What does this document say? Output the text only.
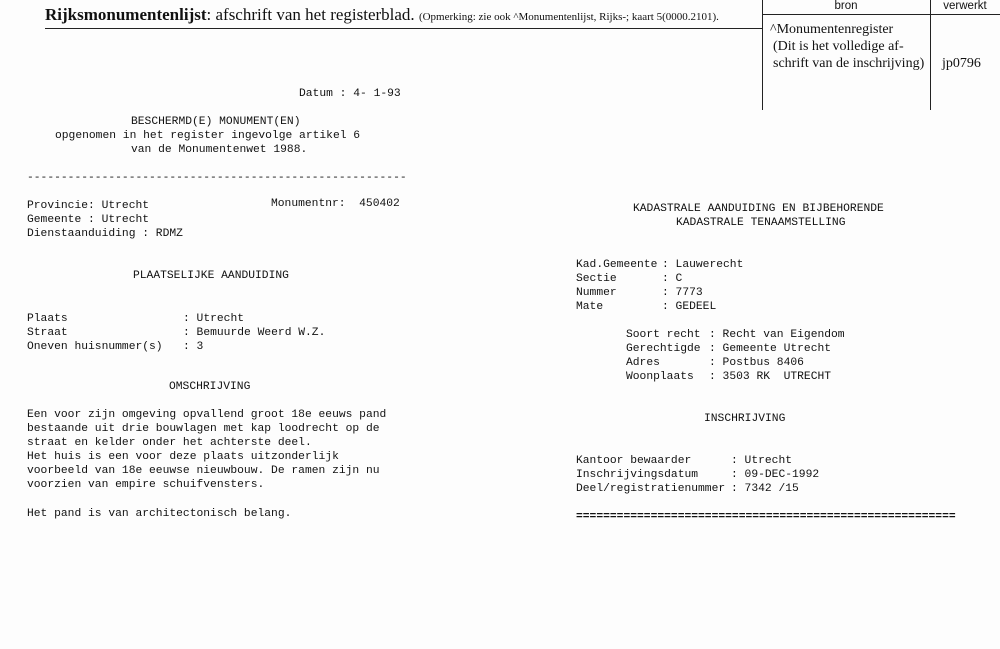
Rijksmonumentenlijst: afschrift van het registerblad. (Opmerking: zie ook ^Monumentenlijst, Rijks-; kaart 5(0000.2101).
bron	verwerkt
^Monumentenregister
(Dit is het volledige af-
schrift van de inschrijving) jp0796
Datum : 4- 1-93
BESCHERMD(E) MONUMENT(EN)
opgenomen in het register ingevolge artikel 6
van de Monumentenwet 1988.
--------------------------------------------------------
Provincie: Utrecht	Monumentnr: 450402
Gemeente : Utrecht
Dienstaanduiding : RDMZ
PLAATSELIJKE AANDUIDING
Plaats	: Utrecht
Straat	: Bemuurde Weerd W.Z.
Oneven huisnummer(s) : 3
OMSCHRIJVING
Een voor zijn omgeving opvallend groot 18e eeuws pand
bestaande uit drie bouwlagen met kap loodrecht op de
straat en kelder onder het achterste deel.
Het huis is een voor deze plaats uitzonderlijk
voorbeeld van 18e eeuwse nieuwbouw. De ramen zijn nu
voorzien van empire schuifvensters.
Het pand is van architectonisch belang.
KADASTRALE AANDUIDING EN BIJBEHORENDE
KADASTRALE TENAAMSTELLING
Kad.Gemeente : Lauwerecht
Sectie	: C
Nummer	: 7773
Mate	: GEDEEL
Soort recht : Recht van Eigendom
Gerechtigde : Gemeente Utrecht
Adres	: Postbus 8406
Woonplaats : 3503 RK  UTRECHT
INSCHRIJVING
Kantoor bewaarder	: Utrecht
Inschrijvingsdatum	: 09-DEC-1992
Deel/registratienummer : 7342 /15
========================================================
